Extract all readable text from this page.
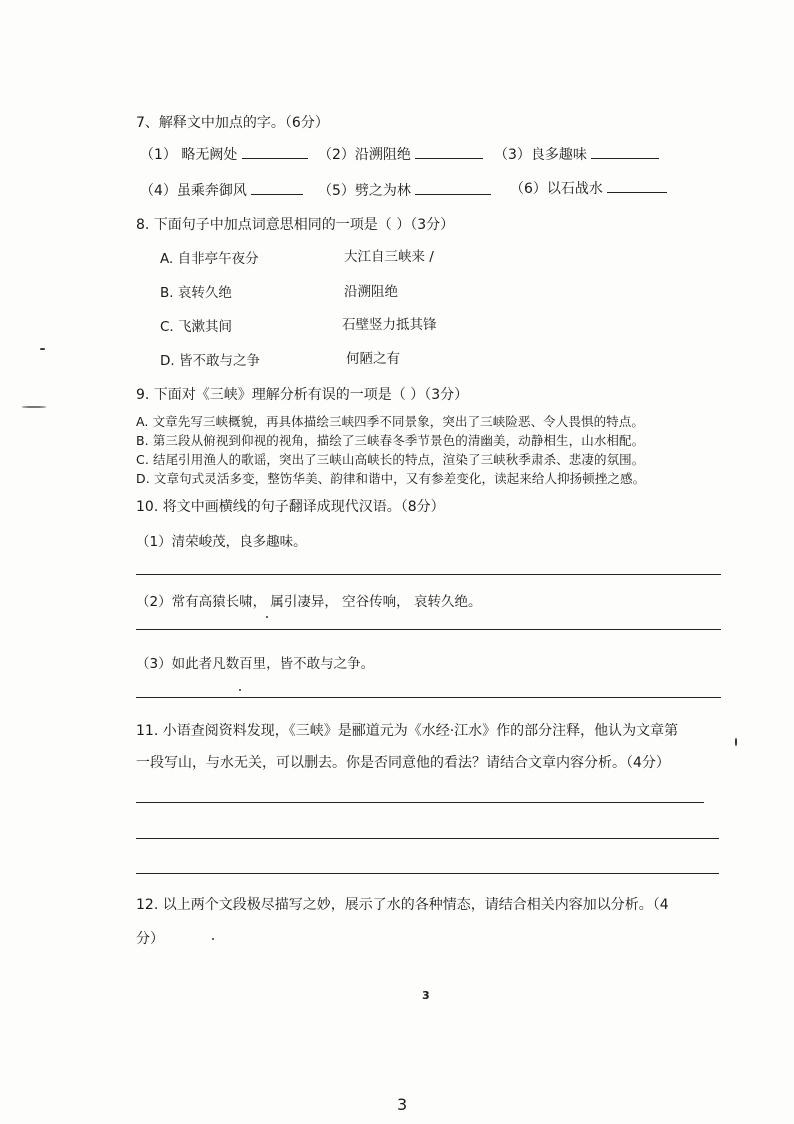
7、解释文中加点的字。（6分）
（1） 略无阙处	（2）沿溯阻绝	（3）良多趣味
（4）虽乘奔御风	（5）劈之为林	（6）以石战水
8. 下面句子中加点词意思相同的一项是（ ）（3分）
A. 自非亭午夜分	大江自三峡来 /
B. 哀转久绝	沿溯阻绝
C. 飞漱其间	石壁竖力抵其锋
D. 皆不敢与之争	何陋之有
9. 下面对《三峡》理解分析有误的一项是（ ）（3分）
A. 文章先写三峡概貌，再具体描绘三峡四季不同景象，突出了三峡险恶、令人畏惧的特点。
B. 第三段从俯视到仰视的视角，描绘了三峡春冬季节景色的清幽美，动静相生，山水相配。
C. 结尾引用渔人的歌谣，突出了三峡山高峡长的特点，渲染了三峡秋季肃杀、悲凄的氛围。
D. 文章句式灵活多变，整饬华美、韵律和谐中，又有参差变化，读起来给人抑扬顿挫之感。
10. 将文中画横线的句子翻译成现代汉语。（8分）
（1）清荣峻茂，良多趣味。
（2）常有高猿长啸， 属引凄异， 空谷传响， 哀转久绝。
（3）如此者凡数百里，皆不敢与之争。
11. 小语查阅资料发现，《三峡》是郦道元为《水经·江水》作的部分注释，他认为文章第
一段写山，与水无关，可以删去。你是否同意他的看法？请结合文章内容分析。（4分）
12. 以上两个文段极尽描写之妙，展示了水的各种情态，请结合相关内容加以分析。（4
分）
3
3
